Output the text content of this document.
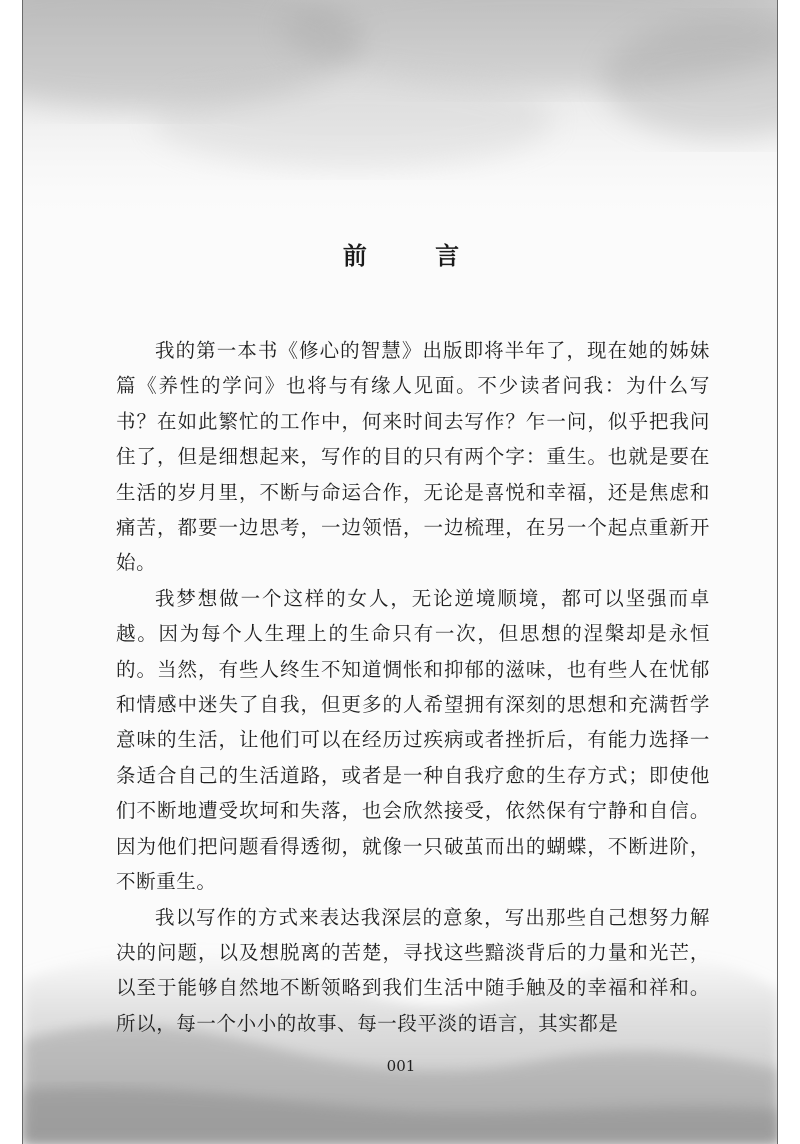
前 言

我的第一本书《修心的智慧》出版即将半年了，现在她的姊妹篇《养性的学问》也将与有缘人见面。不少读者问我：为什么写书？在如此繁忙的工作中，何来时间去写作？乍一问，似乎把我问住了，但是细想起来，写作的目的只有两个字：重生。也就是要在生活的岁月里，不断与命运合作，无论是喜悦和幸福，还是焦虑和痛苦，都要一边思考，一边领悟，一边梳理，在另一个起点重新开始。

我梦想做一个这样的女人，无论逆境顺境，都可以坚强而卓越。因为每个人生理上的生命只有一次，但思想的涅槃却是永恒的。当然，有些人终生不知道惆怅和抑郁的滋味，也有些人在忧郁和情感中迷失了自我，但更多的人希望拥有深刻的思想和充满哲学意味的生活，让他们可以在经历过疾病或者挫折后，有能力选择一条适合自己的生活道路，或者是一种自我疗愈的生存方式；即使他们不断地遭受坎坷和失落，也会欣然接受，依然保有宁静和自信。因为他们把问题看得透彻，就像一只破茧而出的蝴蝶，不断进阶，不断重生。

我以写作的方式来表达我深层的意象，写出那些自己想努力解决的问题，以及想脱离的苦楚，寻找这些黯淡背后的力量和光芒，以至于能够自然地不断领略到我们生活中随手触及的幸福和祥和。所以，每一个小小的故事、每一段平淡的语言，其实都是

001
